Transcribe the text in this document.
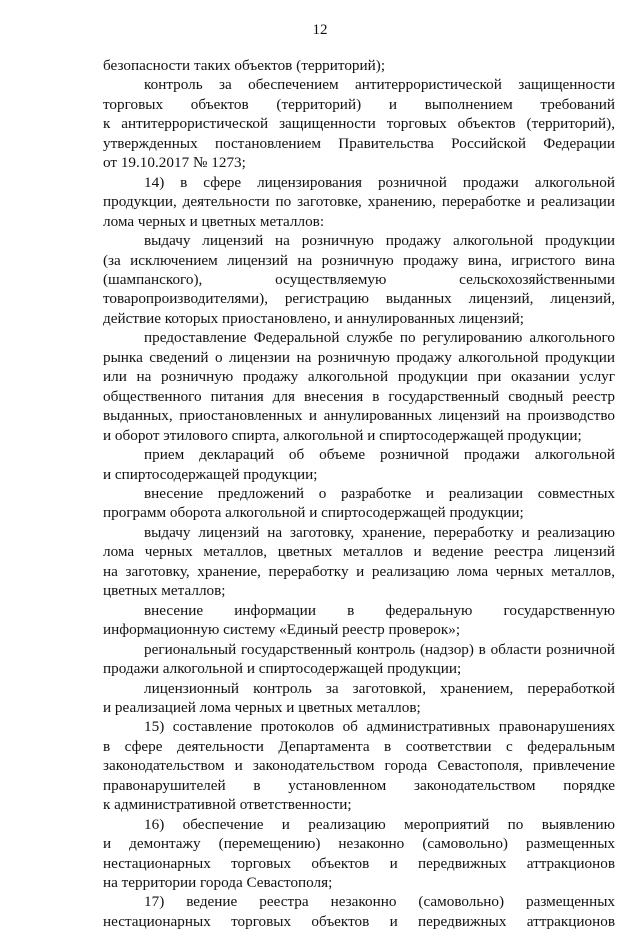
12

безопасности таких объектов (территорий);

контроль за обеспечением антитеррористической защищенности
торговых объектов (территорий) и выполнением требований
к антитеррористической защищенности торговых объектов (территорий),
утвержденных постановлением Правительства Российской Федерации
от 19.10.2017 № 1273;

14) в сфере лицензирования розничной продажи алкогольной
продукции, деятельности по заготовке, хранению, переработке и реализации
лома черных и цветных металлов:

выдачу лицензий на розничную продажу алкогольной продукции
(за исключением лицензий на розничную продажу вина, игристого вина
(шампанского), осуществляемую сельскохозяйственными
товаропроизводителями), регистрацию выданных лицензий, лицензий,
действие которых приостановлено, и аннулированных лицензий;

предоставление Федеральной службе по регулированию алкогольного
рынка сведений о лицензии на розничную продажу алкогольной продукции
или на розничную продажу алкогольной продукции при оказании услуг
общественного питания для внесения в государственный сводный реестр
выданных, приостановленных и аннулированных лицензий на производство
и оборот этилового спирта, алкогольной и спиртосодержащей продукции;

прием деклараций об объеме розничной продажи алкогольной
и спиртосодержащей продукции;

внесение предложений о разработке и реализации совместных
программ оборота алкогольной и спиртосодержащей продукции;

выдачу лицензий на заготовку, хранение, переработку и реализацию
лома черных металлов, цветных металлов и ведение реестра лицензий
на заготовку, хранение, переработку и реализацию лома черных металлов,
цветных металлов;

внесение информации в федеральную государственную
информационную систему «Единый реестр проверок»;

региональный государственный контроль (надзор) в области розничной
продажи алкогольной и спиртосодержащей продукции;

лицензионный контроль за заготовкой, хранением, переработкой
и реализацией лома черных и цветных металлов;

15) составление протоколов об административных правонарушениях
в сфере деятельности Департамента в соответствии с федеральным
законодательством и законодательством города Севастополя, привлечение
правонарушителей в установленном законодательством порядке
к административной ответственности;

16) обеспечение и реализацию мероприятий по выявлению
и демонтажу (перемещению) незаконно (самовольно) размещенных
нестационарных торговых объектов и передвижных аттракционов
на территории города Севастополя;

17) ведение реестра незаконно (самовольно) размещенных
нестационарных торговых объектов и передвижных аттракционов
